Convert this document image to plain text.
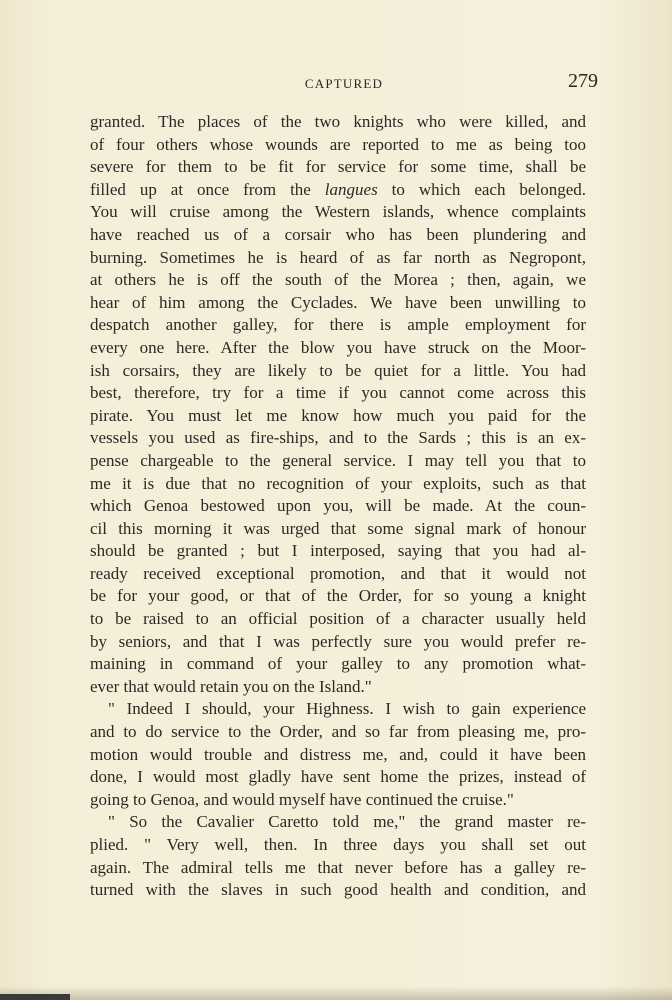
CAPTURED	279
granted. The places of the two knights who were killed, and
of four others whose wounds are reported to me as being too
severe for them to be fit for service for some time, shall be
filled up at once from the langues to which each belonged.
You will cruise among the Western islands, whence complaints
have reached us of a corsair who has been plundering and
burning. Sometimes he is heard of as far north as Negropont,
at others he is off the south of the Morea ; then, again, we
hear of him among the Cyclades. We have been unwilling to
despatch another galley, for there is ample employment for
every one here. After the blow you have struck on the Moor-
ish corsairs, they are likely to be quiet for a little. You had
best, therefore, try for a time if you cannot come across this
pirate. You must let me know how much you paid for the
vessels you used as fire-ships, and to the Sards ; this is an ex-
pense chargeable to the general service. I may tell you that to
me it is due that no recognition of your exploits, such as that
which Genoa bestowed upon you, will be made. At the coun-
cil this morning it was urged that some signal mark of honour
should be granted ; but I interposed, saying that you had al-
ready received exceptional promotion, and that it would not
be for your good, or that of the Order, for so young a knight
to be raised to an official position of a character usually held
by seniors, and that I was perfectly sure you would prefer re-
maining in command of your galley to any promotion what-
ever that would retain you on the Island."
" Indeed I should, your Highness. I wish to gain experience
and to do service to the Order, and so far from pleasing me, pro-
motion would trouble and distress me, and, could it have been
done, I would most gladly have sent home the prizes, instead of
going to Genoa, and would myself have continued the cruise."
" So the Cavalier Caretto told me," the grand master re-
plied. " Very well, then. In three days you shall set out
again. The admiral tells me that never before has a galley re-
turned with the slaves in such good health and condition, and
